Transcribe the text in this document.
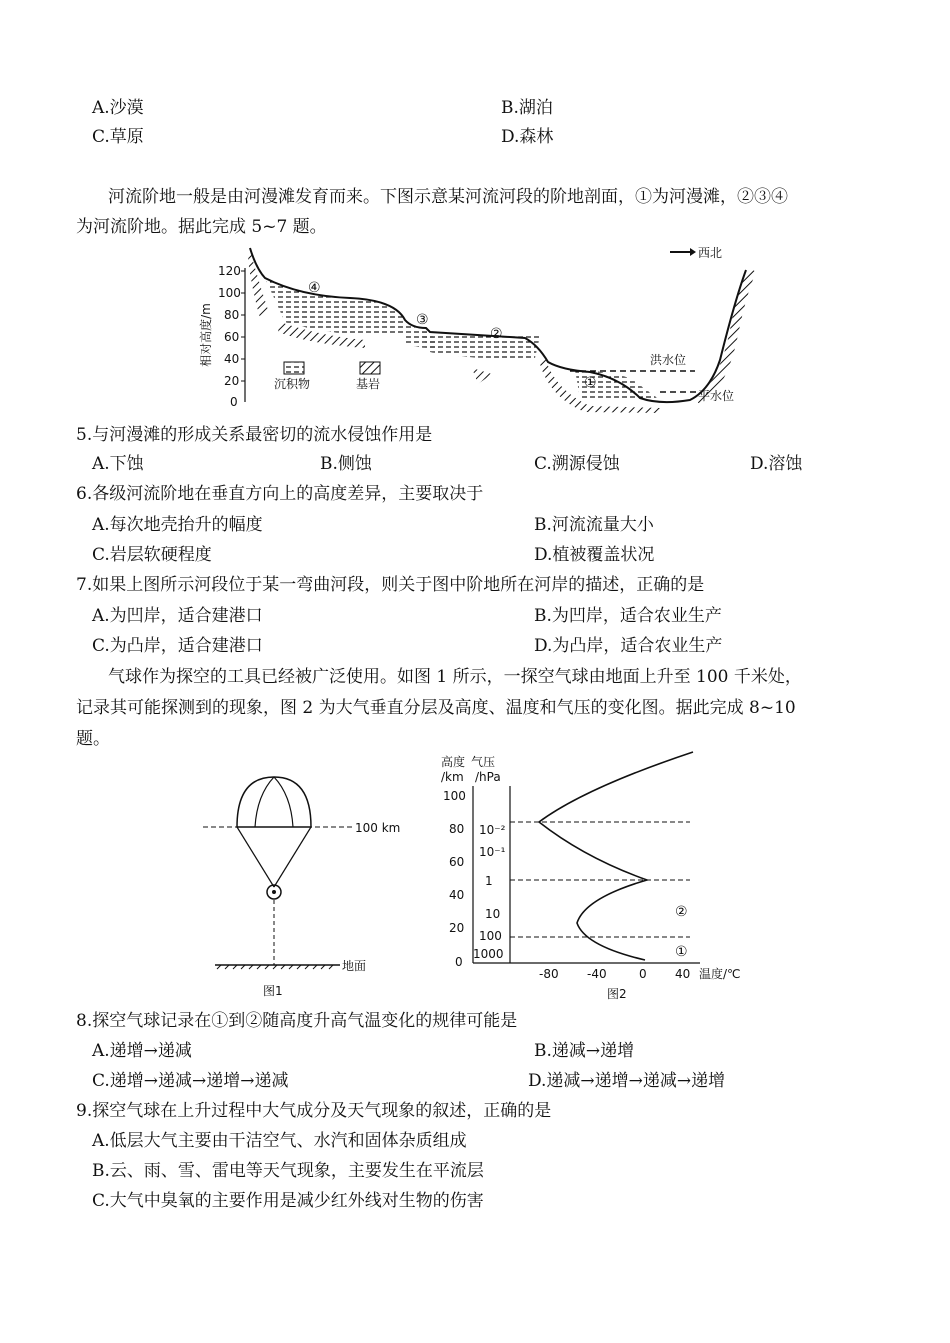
A.沙漠	B.湖泊
C.草原	D.森林
河流阶地一般是由河漫滩发育而来。下图示意某河流河段的阶地剖面，①为河漫滩，②③④
为河流阶地。据此完成 5~7 题。
120
100
80
60
40
20
0
相对高度/m
④
③
②
①
洪水位
平水位
西北
沉积物	基岩
5.与河漫滩的形成关系最密切的流水侵蚀作用是
A.下蚀	B.侧蚀	C.溯源侵蚀	D.溶蚀
6.各级河流阶地在垂直方向上的高度差异，主要取决于
A.每次地壳抬升的幅度	B.河流流量大小
C.岩层软硬程度	D.植被覆盖状况
7.如果上图所示河段位于某一弯曲河段，则关于图中阶地所在河岸的描述，正确的是
A.为凹岸，适合建港口	B.为凹岸，适合农业生产
C.为凸岸，适合建港口	D.为凸岸，适合农业生产
气球作为探空的工具已经被广泛使用。如图 1 所示，一探空气球由地面上升至 100 千米处，
记录其可能探测到的现象，图 2 为大气垂直分层及高度、温度和气压的变化图。据此完成 8~10
题。
100 km
地面
图1
高度 气压
/km /hPa
100
80
60
40
20
0
10⁻²
10⁻¹
1
10
100
1000
-80 -40	0 40 温度/℃
②
①
图2
8.探空气球记录在①到②随高度升高气温变化的规律可能是
A.递增→递减	B.递减→递增
C.递增→递减→递增→递减	D.递减→递增→递减→递增
9.探空气球在上升过程中大气成分及天气现象的叙述，正确的是
A.低层大气主要由干洁空气、水汽和固体杂质组成
B.云、雨、雪、雷电等天气现象，主要发生在平流层
C.大气中臭氧的主要作用是减少红外线对生物的伤害
